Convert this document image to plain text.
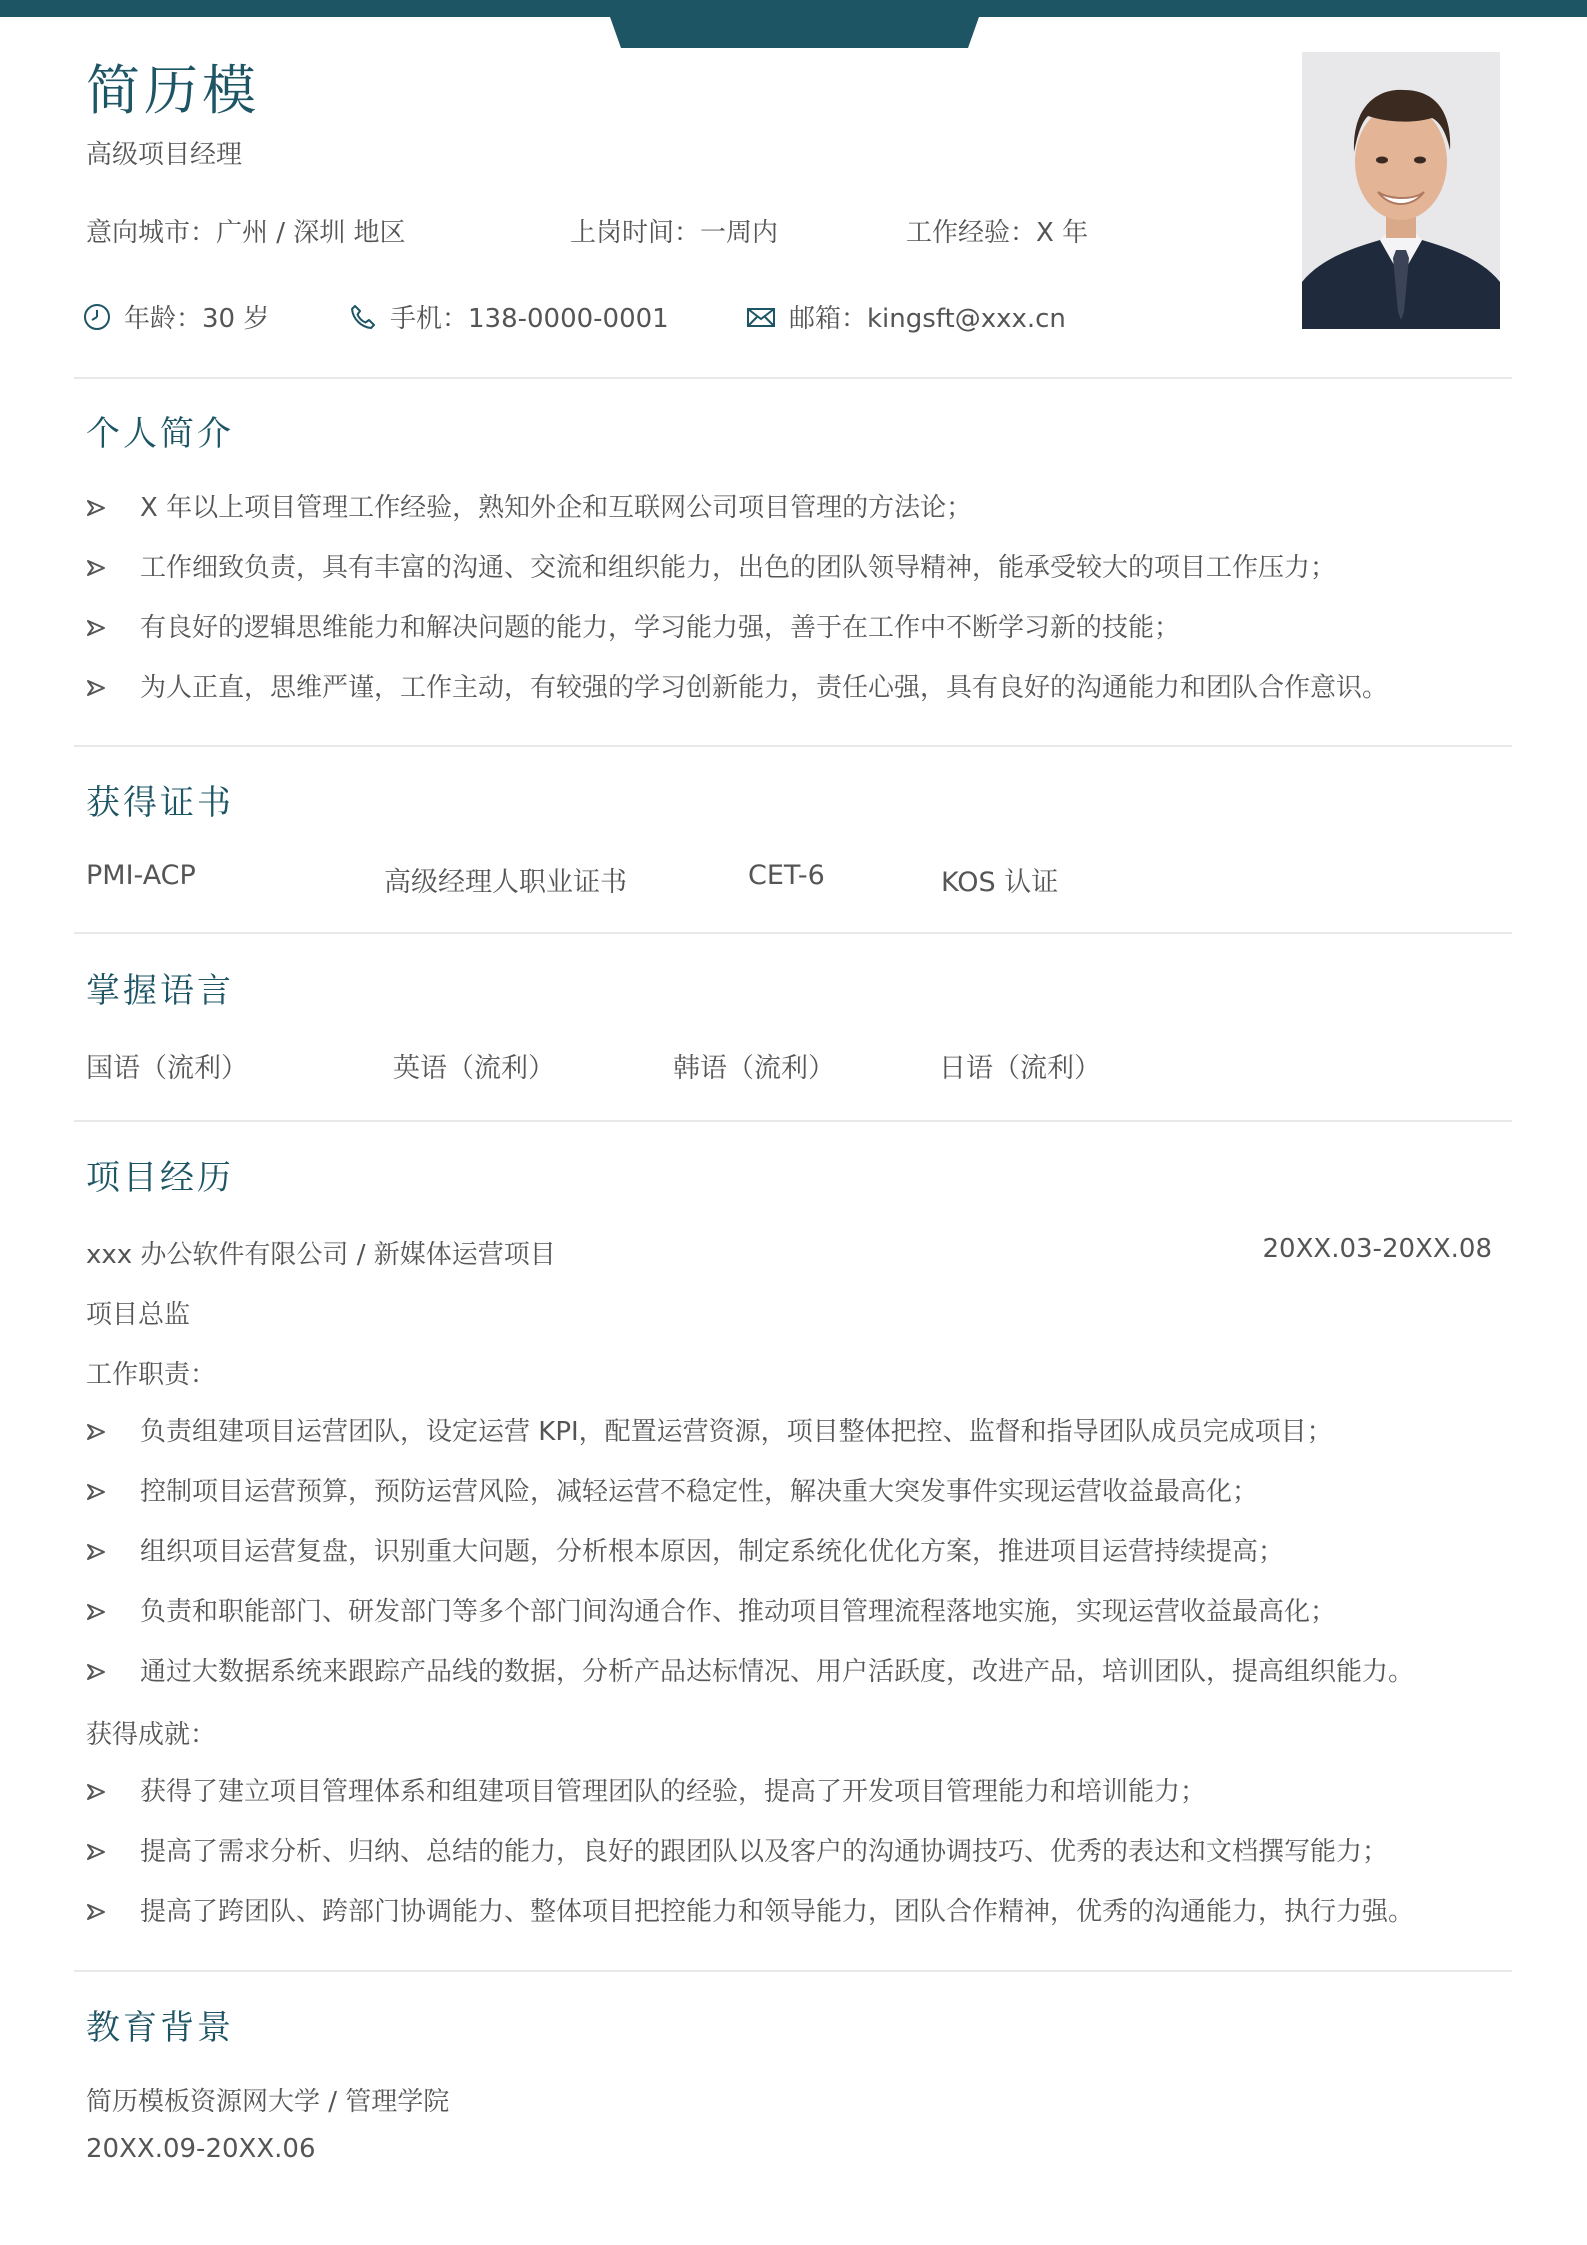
简历模
高级项目经理
意向城市：广州 / 深圳 地区	上岗时间：一周内	工作经验：X 年
年龄：30 岁	手机：138-0000-0001	邮箱：kingsft@xxx.cn
个人简介
X 年以上项目管理工作经验，熟知外企和互联网公司项目管理的方法论；
工作细致负责，具有丰富的沟通、交流和组织能力，出色的团队领导精神，能承受较大的项目工作压力；
有良好的逻辑思维能力和解决问题的能力，学习能力强，善于在工作中不断学习新的技能；
为人正直，思维严谨，工作主动，有较强的学习创新能力，责任心强，具有良好的沟通能力和团队合作意识。
获得证书
PMI-ACP	高级经理人职业证书	CET-6	KOS 认证
掌握语言
国语（流利）	英语（流利）	韩语（流利）	日语（流利）
项目经历
xxx 办公软件有限公司 / 新媒体运营项目	20XX.03-20XX.08
项目总监
工作职责：
负责组建项目运营团队，设定运营 KPI，配置运营资源，项目整体把控、监督和指导团队成员完成项目；
控制项目运营预算，预防运营风险，减轻运营不稳定性，解决重大突发事件实现运营收益最高化；
组织项目运营复盘，识别重大问题，分析根本原因，制定系统化优化方案，推进项目运营持续提高；
负责和职能部门、研发部门等多个部门间沟通合作、推动项目管理流程落地实施，实现运营收益最高化；
通过大数据系统来跟踪产品线的数据，分析产品达标情况、用户活跃度，改进产品，培训团队，提高组织能力。
获得成就：
获得了建立项目管理体系和组建项目管理团队的经验，提高了开发项目管理能力和培训能力；
提高了需求分析、归纳、总结的能力，良好的跟团队以及客户的沟通协调技巧、优秀的表达和文档撰写能力；
提高了跨团队、跨部门协调能力、整体项目把控能力和领导能力，团队合作精神，优秀的沟通能力，执行力强。
教育背景
简历模板资源网大学 / 管理学院
20XX.09-20XX.06
